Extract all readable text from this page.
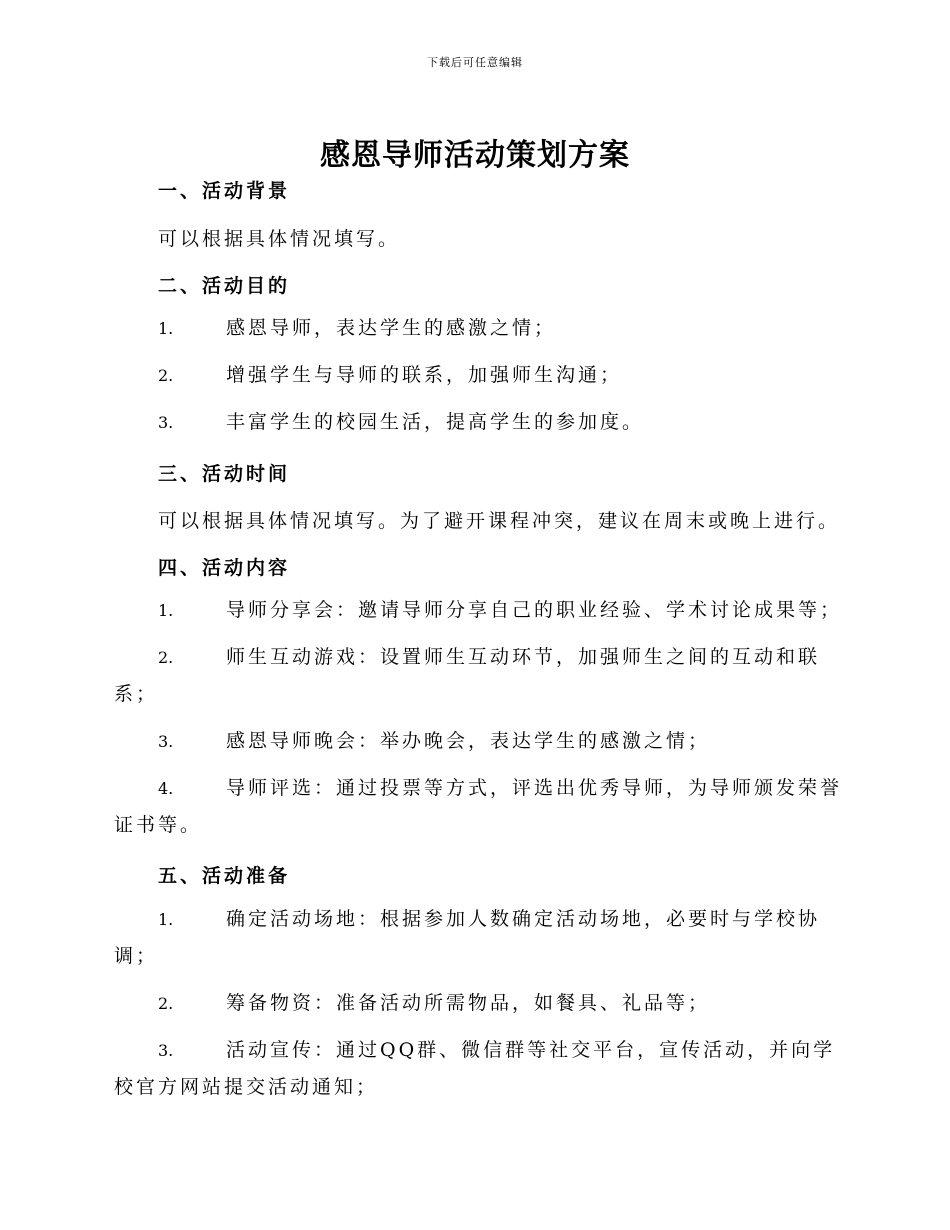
下载后可任意编辑
感恩导师活动策划方案
一、活动背景
可以根据具体情况填写。
二、活动目的
1.	感恩导师，表达学生的感激之情；
2.	增强学生与导师的联系，加强师生沟通；
3.	丰富学生的校园生活，提高学生的参加度。
三、活动时间
可以根据具体情况填写。为了避开课程冲突，建议在周末或晚上进行。
四、活动内容
1.	导师分享会：邀请导师分享自己的职业经验、学术讨论成果等；
2.	师生互动游戏：设置师生互动环节，加强师生之间的互动和联
系；
3.	感恩导师晚会：举办晚会，表达学生的感激之情；
4.	导师评选：通过投票等方式，评选出优秀导师，为导师颁发荣誉
证书等。
五、活动准备
1.	确定活动场地：根据参加人数确定活动场地，必要时与学校协
调；
2.	筹备物资：准备活动所需物品，如餐具、礼品等；
3.	活动宣传：通过QQ群、微信群等社交平台，宣传活动，并向学
校官方网站提交活动通知；
